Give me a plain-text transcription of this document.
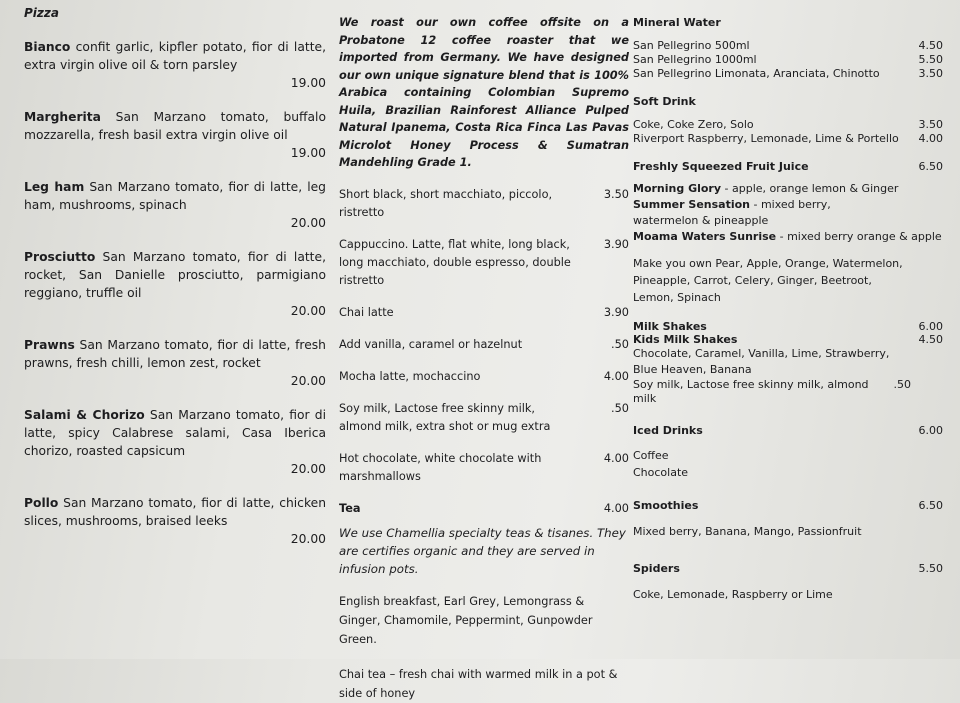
Pizza
Bianco confit garlic, kipfler potato, fior di latte, extra virgin olive oil & torn parsley
19.00
Margherita San Marzano tomato, buffalo mozzarella, fresh basil extra virgin olive oil
19.00
Leg ham San Marzano tomato, fior di latte, leg ham, mushrooms, spinach
20.00
Prosciutto San Marzano tomato, fior di latte, rocket, San Danielle prosciutto, parmigiano reggiano, truffle oil
20.00
Prawns San Marzano tomato, fior di latte, fresh prawns, fresh chilli, lemon zest, rocket
20.00
Salami & Chorizo San Marzano tomato, fior di latte, spicy Calabrese salami, Casa Iberica chorizo, roasted capsicum
20.00
Pollo San Marzano tomato, fior di latte, chicken slices, mushrooms, braised leeks
20.00
We roast our own coffee offsite on a Probatone 12 coffee roaster that we imported from Germany. We have designed our own unique signature blend that is 100% Arabica containing Colombian Supremo Huila, Brazilian Rainforest Alliance Pulped Natural Ipanema, Costa Rica Finca Las Pavas Microlot Honey Process & Sumatran Mandehling Grade 1.
Short black, short macchiato, piccolo, ristretto
3.50
Cappuccino. Latte, flat white, long black, long macchiato, double espresso, double ristretto
3.90
Chai latte	3.90
Add vanilla, caramel or hazelnut	.50
Mocha latte, mochaccino	4.00
Soy milk, Lactose free skinny milk, almond milk, extra shot or mug extra
.50
Hot chocolate, white chocolate with marshmallows
4.00
Tea	4.00
We use Chamellia specialty teas & tisanes. They are certifies organic and they are served in infusion pots.
English breakfast, Earl Grey, Lemongrass & Ginger, Chamomile, Peppermint, Gunpowder Green.
Chai tea – fresh chai with warmed milk in a pot & side of honey
Mineral Water
San Pellegrino 500ml	4.50
San Pellegrino 1000ml	5.50
San Pellegrino Limonata, Aranciata, Chinotto	3.50
Soft Drink
Coke, Coke Zero, Solo	3.50
Riverport Raspberry, Lemonade, Lime & Portello	4.00
Freshly Squeezed Fruit Juice	6.50
Morning Glory - apple, orange lemon & Ginger
Summer Sensation - mixed berry, watermelon & pineapple
Moama Waters Sunrise - mixed berry orange & apple
Make you own Pear, Apple, Orange, Watermelon, Pineapple, Carrot, Celery, Ginger, Beetroot, Lemon, Spinach
Milk Shakes	6.00
Kids Milk Shakes	4.50
Chocolate, Caramel, Vanilla, Lime, Strawberry, Blue Heaven, Banana
Soy milk, Lactose free skinny milk, almond milk
.50
Iced Drinks	6.00
Coffee
Chocolate
Smoothies	6.50
Mixed berry, Banana, Mango, Passionfruit
Spiders	5.50
Coke, Lemonade, Raspberry or Lime
